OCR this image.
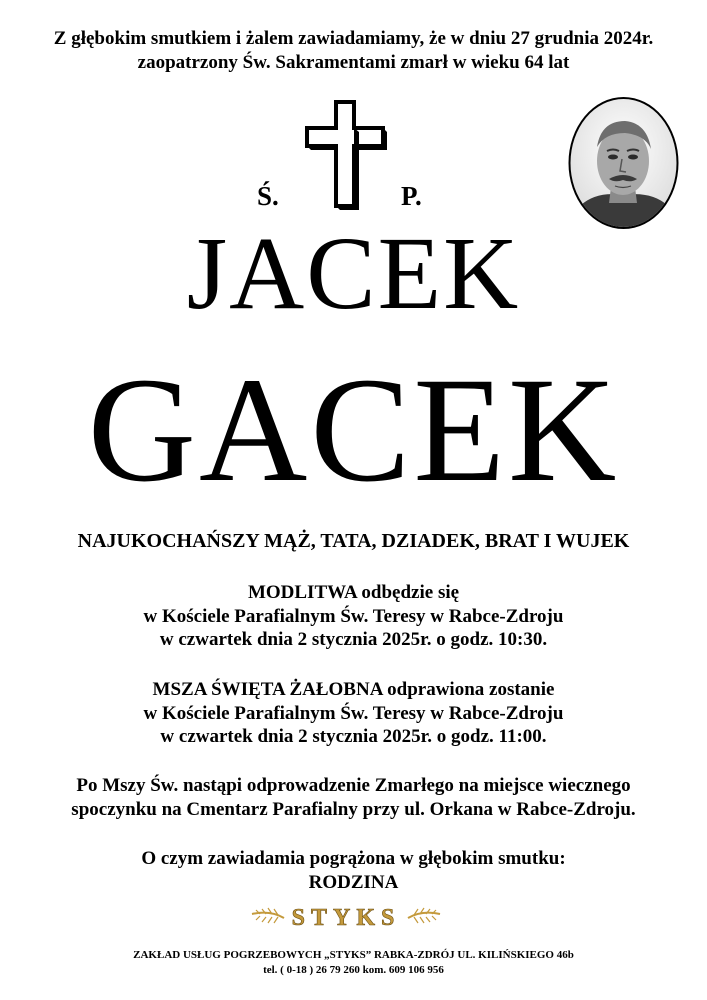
Z głębokim smutkiem i żalem zawiadamiamy, że w dniu 27 grudnia 2024r.
zaopatrzony Św. Sakramentami zmarł w wieku 64 lat
Ś.	P.
JACEK
GACEK
NAJUKOCHAŃSZY MĄŻ, TATA, DZIADEK, BRAT I WUJEK
MODLITWA odbędzie się
w Kościele Parafialnym Św. Teresy w Rabce-Zdroju
w czwartek dnia 2 stycznia 2025r. o godz. 10:30.
MSZA ŚWIĘTA ŻAŁOBNA odprawiona zostanie
w Kościele Parafialnym Św. Teresy w Rabce-Zdroju
w czwartek dnia 2 stycznia 2025r. o godz. 11:00.
Po Mszy Św. nastąpi odprowadzenie Zmarłego na miejsce wiecznego
spoczynku na Cmentarz Parafialny przy ul. Orkana w Rabce-Zdroju.
O czym zawiadamia pogrążona w głębokim smutku:
RODZINA
STYKS
ZAKŁAD USŁUG POGRZEBOWYCH „STYKS” RABKA-ZDRÓJ UL. KILIŃSKIEGO 46b
tel. ( 0-18 ) 26 79 260 kom. 609 106 956
